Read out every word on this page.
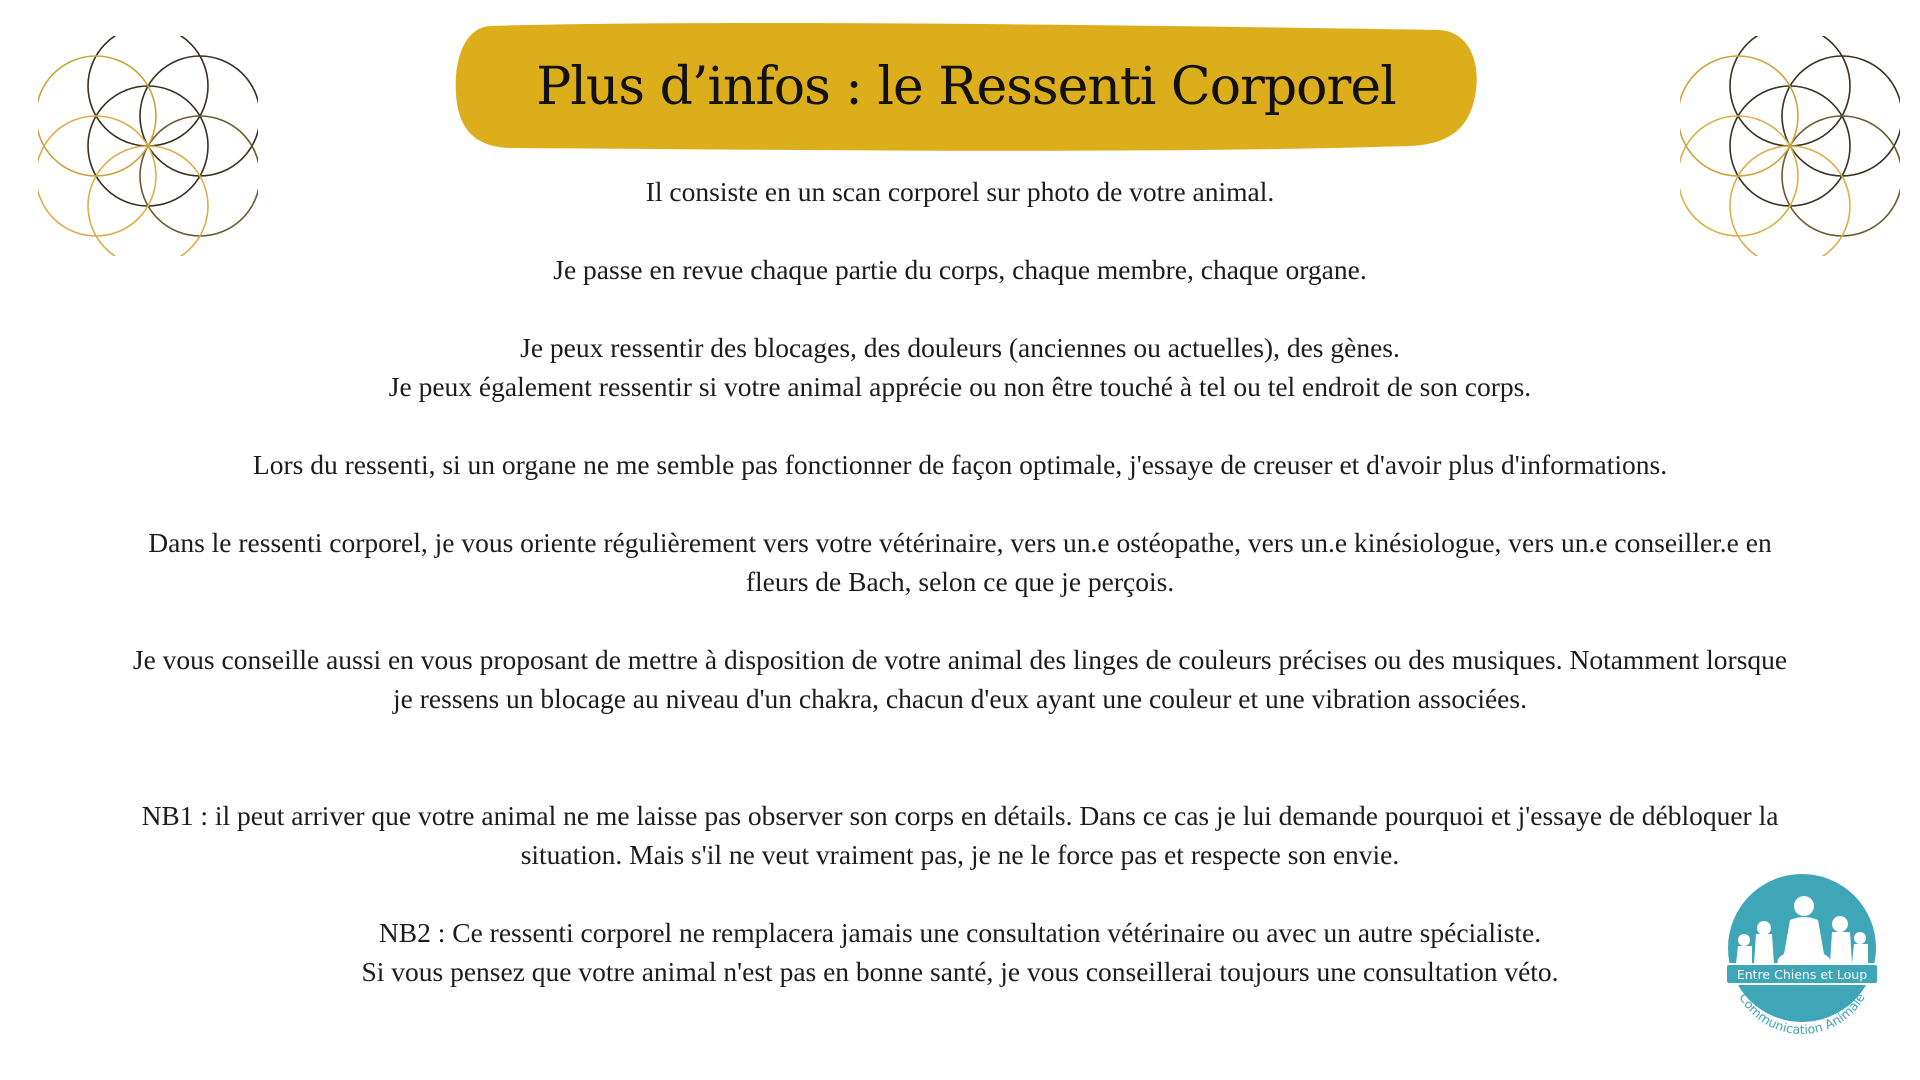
Plus d’infos : le Ressenti Corporel

Il consiste en un scan corporel sur photo de votre animal.

Je passe en revue chaque partie du corps, chaque membre, chaque organe.

Je peux ressentir des blocages, des douleurs (anciennes ou actuelles), des gènes.

Je peux également ressentir si votre animal apprécie ou non être touché à tel ou tel endroit de son corps.

Lors du ressenti, si un organe ne me semble pas fonctionner de façon optimale, j'essaye de creuser et d'avoir plus d'informations.

Dans le ressenti corporel, je vous oriente régulièrement vers votre vétérinaire, vers un.e ostéopathe, vers un.e kinésiologue, vers un.e conseiller.e en

fleurs de Bach, selon ce que je perçois.

Je vous conseille aussi en vous proposant de mettre à disposition de votre animal des linges de couleurs précises ou des musiques. Notamment lorsque

je ressens un blocage au niveau d'un chakra, chacun d'eux ayant une couleur et une vibration associées.

NB1 : il peut arriver que votre animal ne me laisse pas observer son corps en détails. Dans ce cas je lui demande pourquoi et j'essaye de débloquer la

situation. Mais s'il ne veut vraiment pas, je ne le force pas et respecte son envie.

NB2 : Ce ressenti corporel ne remplacera jamais une consultation vétérinaire ou avec un autre spécialiste.

Si vous pensez que votre animal n'est pas en bonne santé, je vous conseillerai toujours une consultation véto.	Entre Chiens et Loup
Communication Animale
